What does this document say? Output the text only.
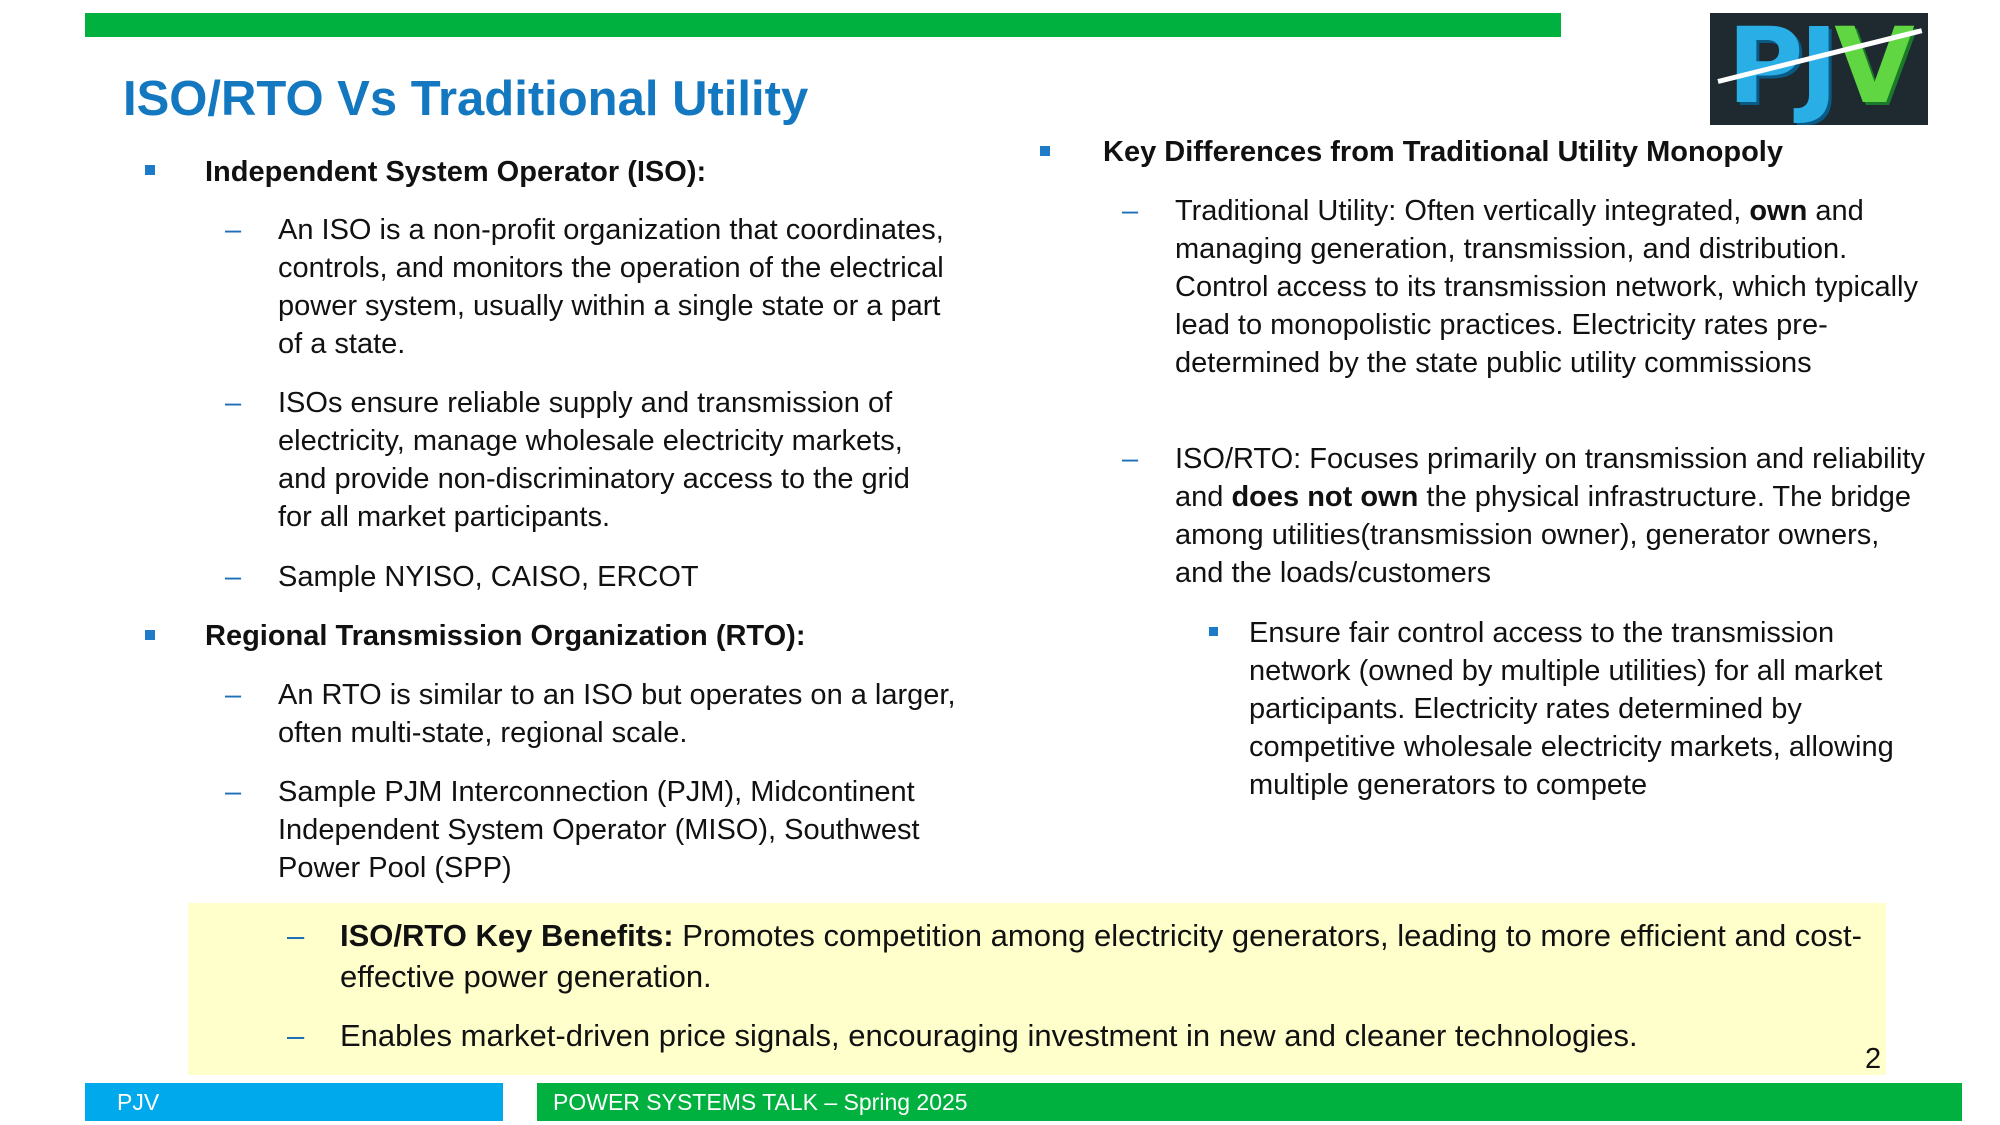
PJV
ISO/RTO Vs Traditional Utility
Independent System Operator (ISO):
– An ISO is a non-profit organization that coordinates, controls, and monitors the operation of the electrical power system, usually within a single state or a part of a state.
– ISOs ensure reliable supply and transmission of electricity, manage wholesale electricity markets, and provide non-discriminatory access to the grid for all market participants.
– Sample NYISO, CAISO, ERCOT
Regional Transmission Organization (RTO):
– An RTO is similar to an ISO but operates on a larger, often multi-state, regional scale.
– Sample PJM Interconnection (PJM), Midcontinent Independent System Operator (MISO), Southwest Power Pool (SPP)
Key Differences from Traditional Utility Monopoly
– Traditional Utility: Often vertically integrated, own and managing generation, transmission, and distribution. Control access to its transmission network, which typically lead to monopolistic practices. Electricity rates pre-determined by the state public utility commissions
– ISO/RTO: Focuses primarily on transmission and reliability and does not own the physical infrastructure. The bridge among utilities(transmission owner), generator owners, and the loads/customers
Ensure fair control access to the transmission network (owned by multiple utilities) for all market participants. Electricity rates determined by competitive wholesale electricity markets, allowing multiple generators to compete
– ISO/RTO Key Benefits: Promotes competition among electricity generators, leading to more efficient and cost-effective power generation.
– Enables market-driven price signals, encouraging investment in new and cleaner technologies.
2
PJV	POWER SYSTEMS TALK – Spring 2025
